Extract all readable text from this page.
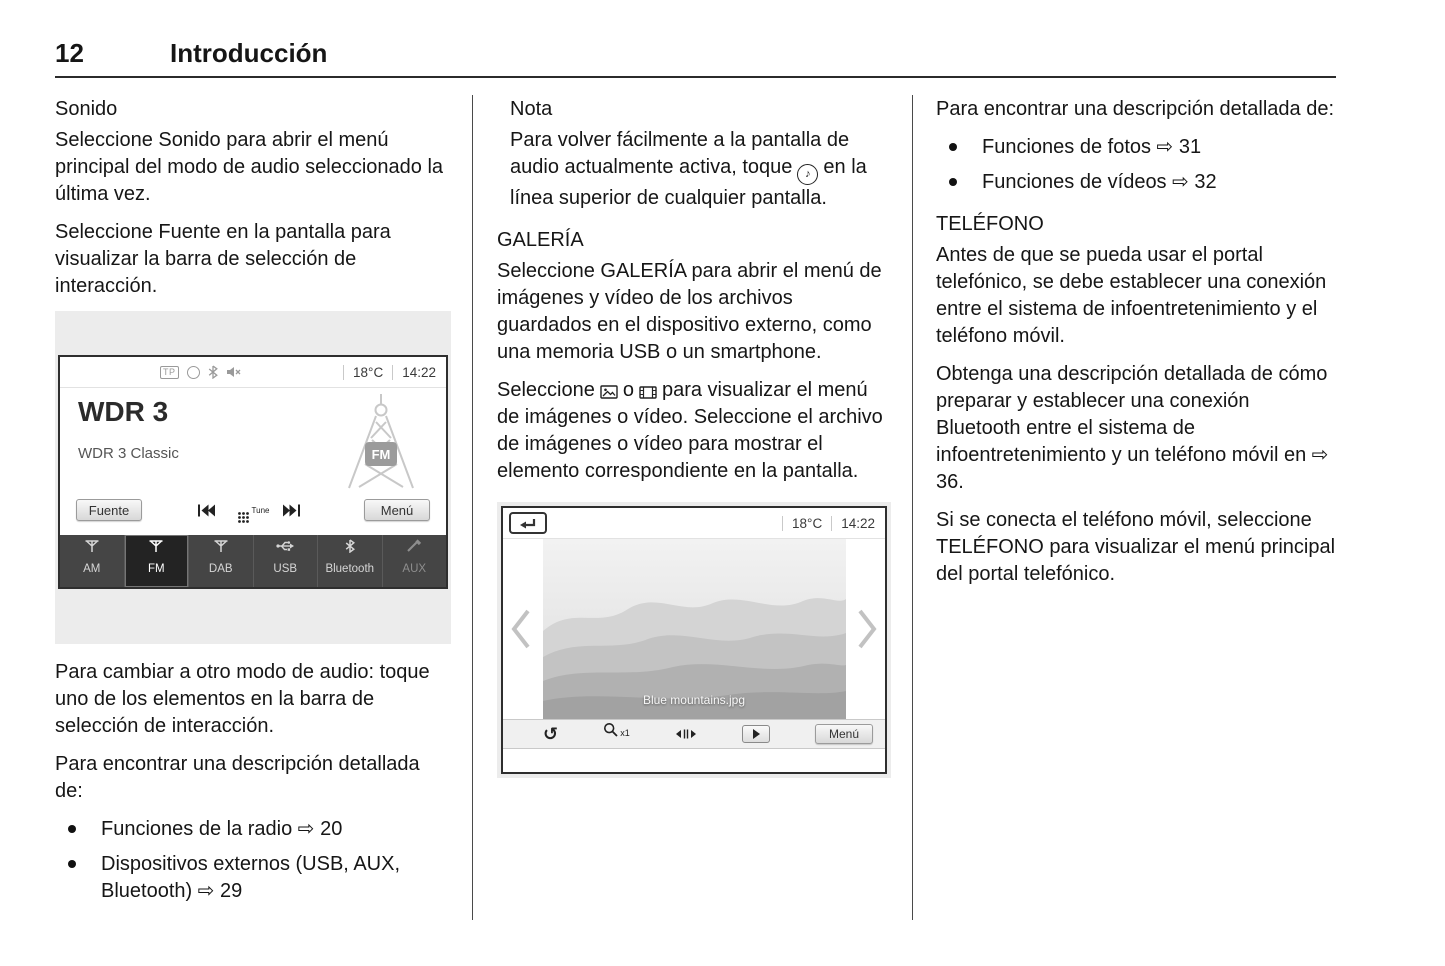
12	Introducción
Sonido

Seleccione Sonido para abrir el menú principal del modo de audio seleccionado la última vez.

Seleccione Fuente en la pantalla para visualizar la barra de selección de interacción.

TP	18°C 14:22
WDR 3
WDR 3 Classic	FM
Fuente	Tune	Menú
AM	FM	DAB	USB Bluetooth AUX

Para cambiar a otro modo de audio: toque uno de los elementos en la barra de selección de interacción.

Para encontrar una descripción detallada de:

Funciones de la radio ⇨ 20
Dispositivos externos (USB, AUX, Bluetooth) ⇨ 29
Nota

Para volver fácilmente a la pantalla de audio actualmente activa, toque ♪ en la línea superior de cualquier pantalla.

GALERÍA

Seleccione GALERÍA para abrir el menú de imágenes y vídeo de los archivos guardados en el dispositivo externo, como una memoria USB o un smartphone.

Seleccione o para visualizar el menú de imágenes o vídeo. Seleccione el archivo de imágenes o vídeo para mostrar el elemento correspondiente en la pantalla.

18°C 14:22
Blue mountains.jpg
↺	x1	Menú

Para encontrar una descripción detallada de:

Funciones de fotos ⇨ 31
Funciones de vídeos ⇨ 32
TELÉFONO

Antes de que se pueda usar el portal telefónico, se debe establecer una conexión entre el sistema de infoentretenimiento y el teléfono móvil.

Obtenga una descripción detallada de cómo preparar y establecer una conexión Bluetooth entre el sistema de infoentretenimiento y un teléfono móvil en ⇨ 36.

Si se conecta el teléfono móvil, seleccione TELÉFONO para visualizar el menú principal del portal telefónico.
